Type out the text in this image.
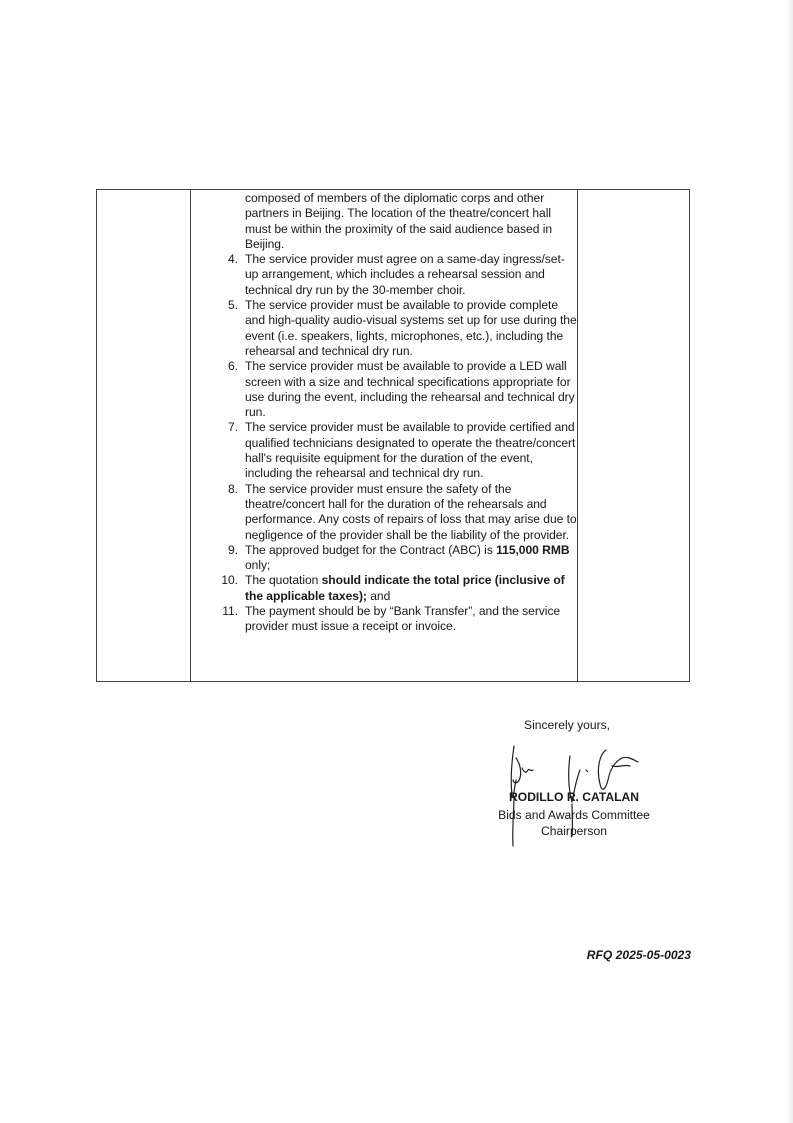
composed of members of the diplomatic corps and other partners in Beijing. The location of the theatre/concert hall must be within the proximity of the said audience based in Beijing.

4. The service provider must agree on a same-day ingress/set-up arrangement, which includes a rehearsal session and technical dry run by the 30-member choir.
5. The service provider must be available to provide complete and high-quality audio-visual systems set up for use during the event (i.e. speakers, lights, microphones, etc.), including the rehearsal and technical dry run.
6. The service provider must be available to provide a LED wall screen with a size and technical specifications appropriate for use during the event, including the rehearsal and technical dry run.
7. The service provider must be available to provide certified and qualified technicians designated to operate the theatre/concert hall's requisite equipment for the duration of the event, including the rehearsal and technical dry run.
8. The service provider must ensure the safety of the theatre/concert hall for the duration of the rehearsals and performance. Any costs of repairs of loss that may arise due to negligence of the provider shall be the liability of the provider.
9. The approved budget for the Contract (ABC) is 115,000 RMB only;
10. The quotation should indicate the total price (inclusive of the applicable taxes); and
11. The payment should be by “Bank Transfer”, and the service provider must issue a receipt or invoice.
Sincerely yours,
RODILLO R. CATALAN
Bids and Awards Committee
Chairperson
RFQ 2025-05-0023
